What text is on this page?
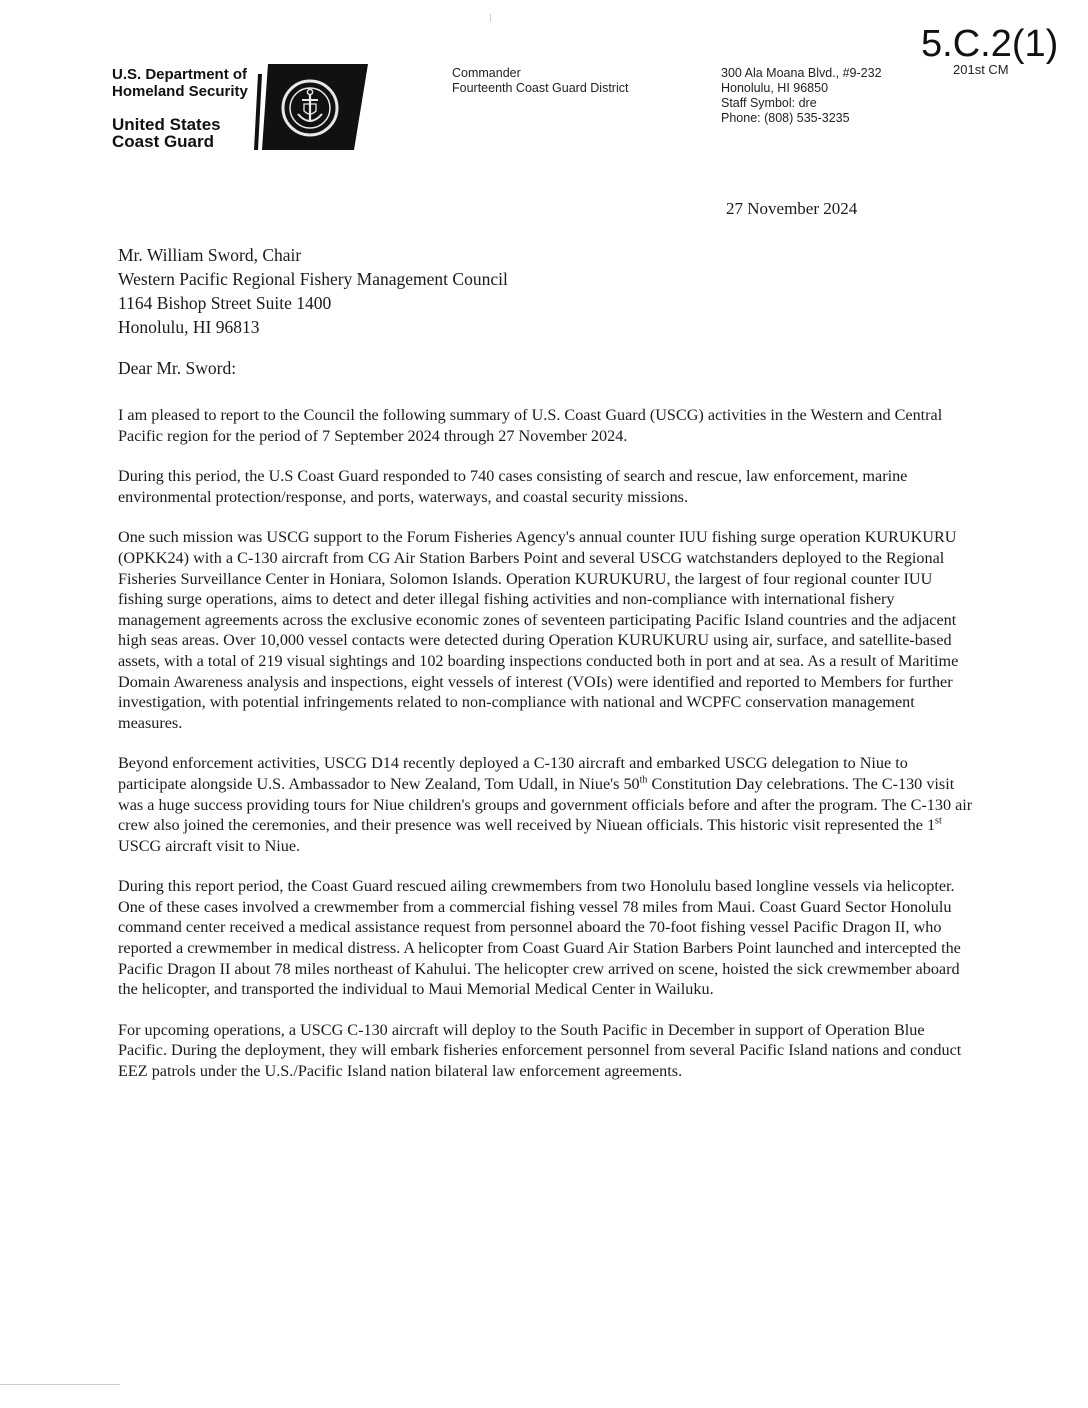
5.C.2(1)
201st CM
U.S. Department of
Homeland Security
United States
Coast Guard
Commander
Fourteenth Coast Guard District
300 Ala Moana Blvd., #9-232
Honolulu, HI 96850
Staff Symbol: dre
Phone: (808) 535-3235
27 November 2024
Mr. William Sword, Chair
Western Pacific Regional Fishery Management Council
1164 Bishop Street Suite 1400
Honolulu, HI 96813
Dear Mr. Sword:

I am pleased to report to the Council the following summary of U.S. Coast Guard (USCG) activities in the Western and Central Pacific region for the period of 7 September 2024 through 27 November 2024.

During this period, the U.S Coast Guard responded to 740 cases consisting of search and rescue, law enforcement, marine environmental protection/response, and ports, waterways, and coastal security missions.

One such mission was USCG support to the Forum Fisheries Agency's annual counter IUU fishing surge operation KURUKURU (OPKK24) with a C-130 aircraft from CG Air Station Barbers Point and several USCG watchstanders deployed to the Regional Fisheries Surveillance Center in Honiara, Solomon Islands. Operation KURUKURU, the largest of four regional counter IUU fishing surge operations, aims to detect and deter illegal fishing activities and non-compliance with international fishery management agreements across the exclusive economic zones of seventeen participating Pacific Island countries and the adjacent high seas areas. Over 10,000 vessel contacts were detected during Operation KURUKURU using air, surface, and satellite-based assets, with a total of 219 visual sightings and 102 boarding inspections conducted both in port and at sea. As a result of Maritime Domain Awareness analysis and inspections, eight vessels of interest (VOIs) were identified and reported to Members for further investigation, with potential infringements related to non-compliance with national and WCPFC conservation management measures.

Beyond enforcement activities, USCG D14 recently deployed a C-130 aircraft and embarked USCG delegation to Niue to participate alongside U.S. Ambassador to New Zealand, Tom Udall, in Niue's 50th Constitution Day celebrations. The C-130 visit was a huge success providing tours for Niue children's groups and government officials before and after the program. The C-130 air crew also joined the ceremonies, and their presence was well received by Niuean officials. This historic visit represented the 1st USCG aircraft visit to Niue.

During this report period, the Coast Guard rescued ailing crewmembers from two Honolulu based longline vessels via helicopter. One of these cases involved a crewmember from a commercial fishing vessel 78 miles from Maui. Coast Guard Sector Honolulu command center received a medical assistance request from personnel aboard the 70-foot fishing vessel Pacific Dragon II, who reported a crewmember in medical distress. A helicopter from Coast Guard Air Station Barbers Point launched and intercepted the Pacific Dragon II about 78 miles northeast of Kahului. The helicopter crew arrived on scene, hoisted the sick crewmember aboard the helicopter, and transported the individual to Maui Memorial Medical Center in Wailuku.

For upcoming operations, a USCG C-130 aircraft will deploy to the South Pacific in December in support of Operation Blue Pacific. During the deployment, they will embark fisheries enforcement personnel from several Pacific Island nations and conduct EEZ patrols under the U.S./Pacific Island nation bilateral law enforcement agreements.
